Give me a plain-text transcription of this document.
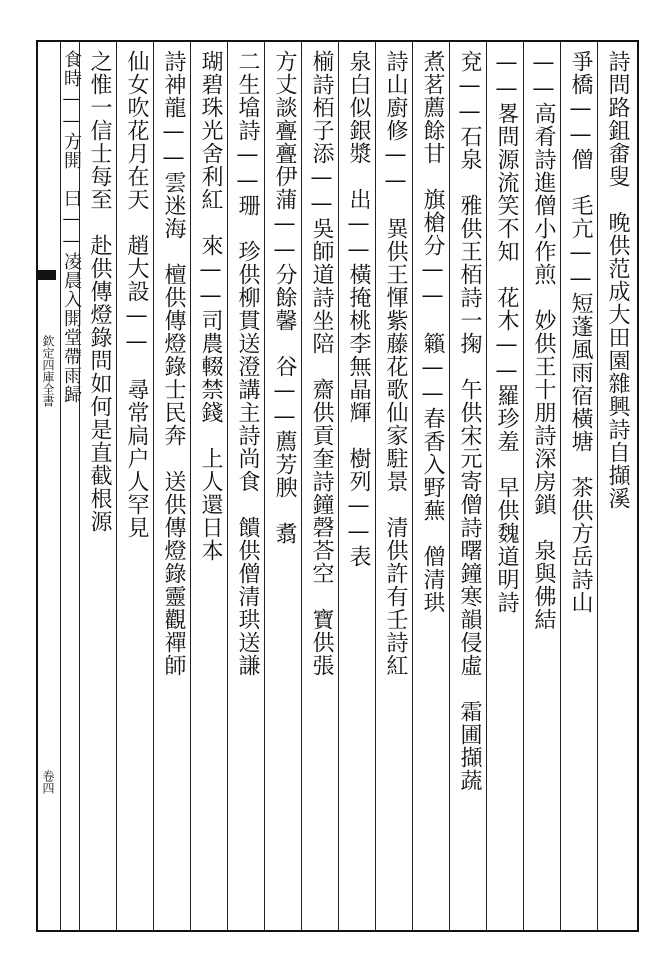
詩問路鉏畬叟　晚供范成大田園雜興詩自擷溪
爭橋——僧　毛亢——短蓬風雨宿橫塘　茶供方岳詩山
——高肴詩進僧小作煎　妙供王十朋詩深房鎖　泉與佛結
——畧問源流笑不知　花木——羅珍羞　早供魏道明詩
兗——石泉　雅供王栢詩一掬　午供宋元寄僧詩曙鐘寒韻侵虛　霜圃擷蔬
煮茗薦餘甘　旗槍分——　籟——春香入野蕪　僧清珙
詩山廚修——　異供王惲紫藤花歌仙家駐景　清供許有壬詩紅
泉白似銀漿　出——橫掩桃李無晶輝　樹列——表
椾詩栢子添——吳師道詩坐陪　齋供貢奎詩鐘磬荅空　寶供張
方丈談亹亹伊蒲——分餘馨　谷——薦芳腴　翥
二生墖詩——珊　珍供柳貫送澄講主詩尚食　饋供僧清珙送謙
瑚碧珠光舍利紅　來——司農輟禁錢　上人還日本
詩神龍——雲迷海　檀供傳燈錄士民奔　送供傳燈錄靈觀禪師
仙女吹花月在天　趙大設——　尋常扃户人罕見
之惟一信士每至　赴供傳燈錄問如何是直截根源
食時——方開　曰——凌晨入開堂帶雨歸
欽定四庫全書
卷四
